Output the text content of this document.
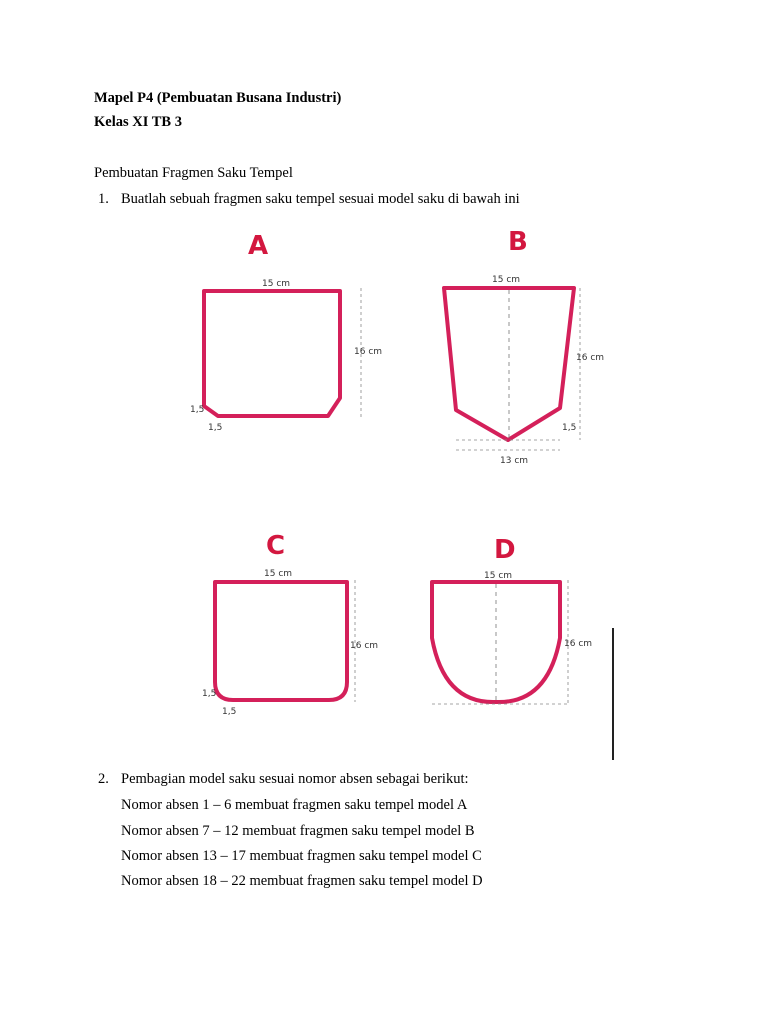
Mapel P4 (Pembuatan Busana Industri)
Kelas XI TB 3
Pembuatan Fragmen Saku Tempel
1. Buatlah sebuah fragmen saku tempel sesuai model saku di bawah ini
A
15 cm
16 cm
1,5
1,5
B
15 cm
16 cm
13 cm
1,5
C
15 cm
16 cm
1,5
1,5
D
15 cm
16 cm
2. Pembagian model saku sesuai nomor absen sebagai berikut:
Nomor absen 1 – 6 membuat fragmen saku tempel model A
Nomor absen 7 – 12 membuat fragmen saku tempel model B
Nomor absen 13 – 17 membuat fragmen saku tempel model C
Nomor absen 18 – 22 membuat fragmen saku tempel model D
